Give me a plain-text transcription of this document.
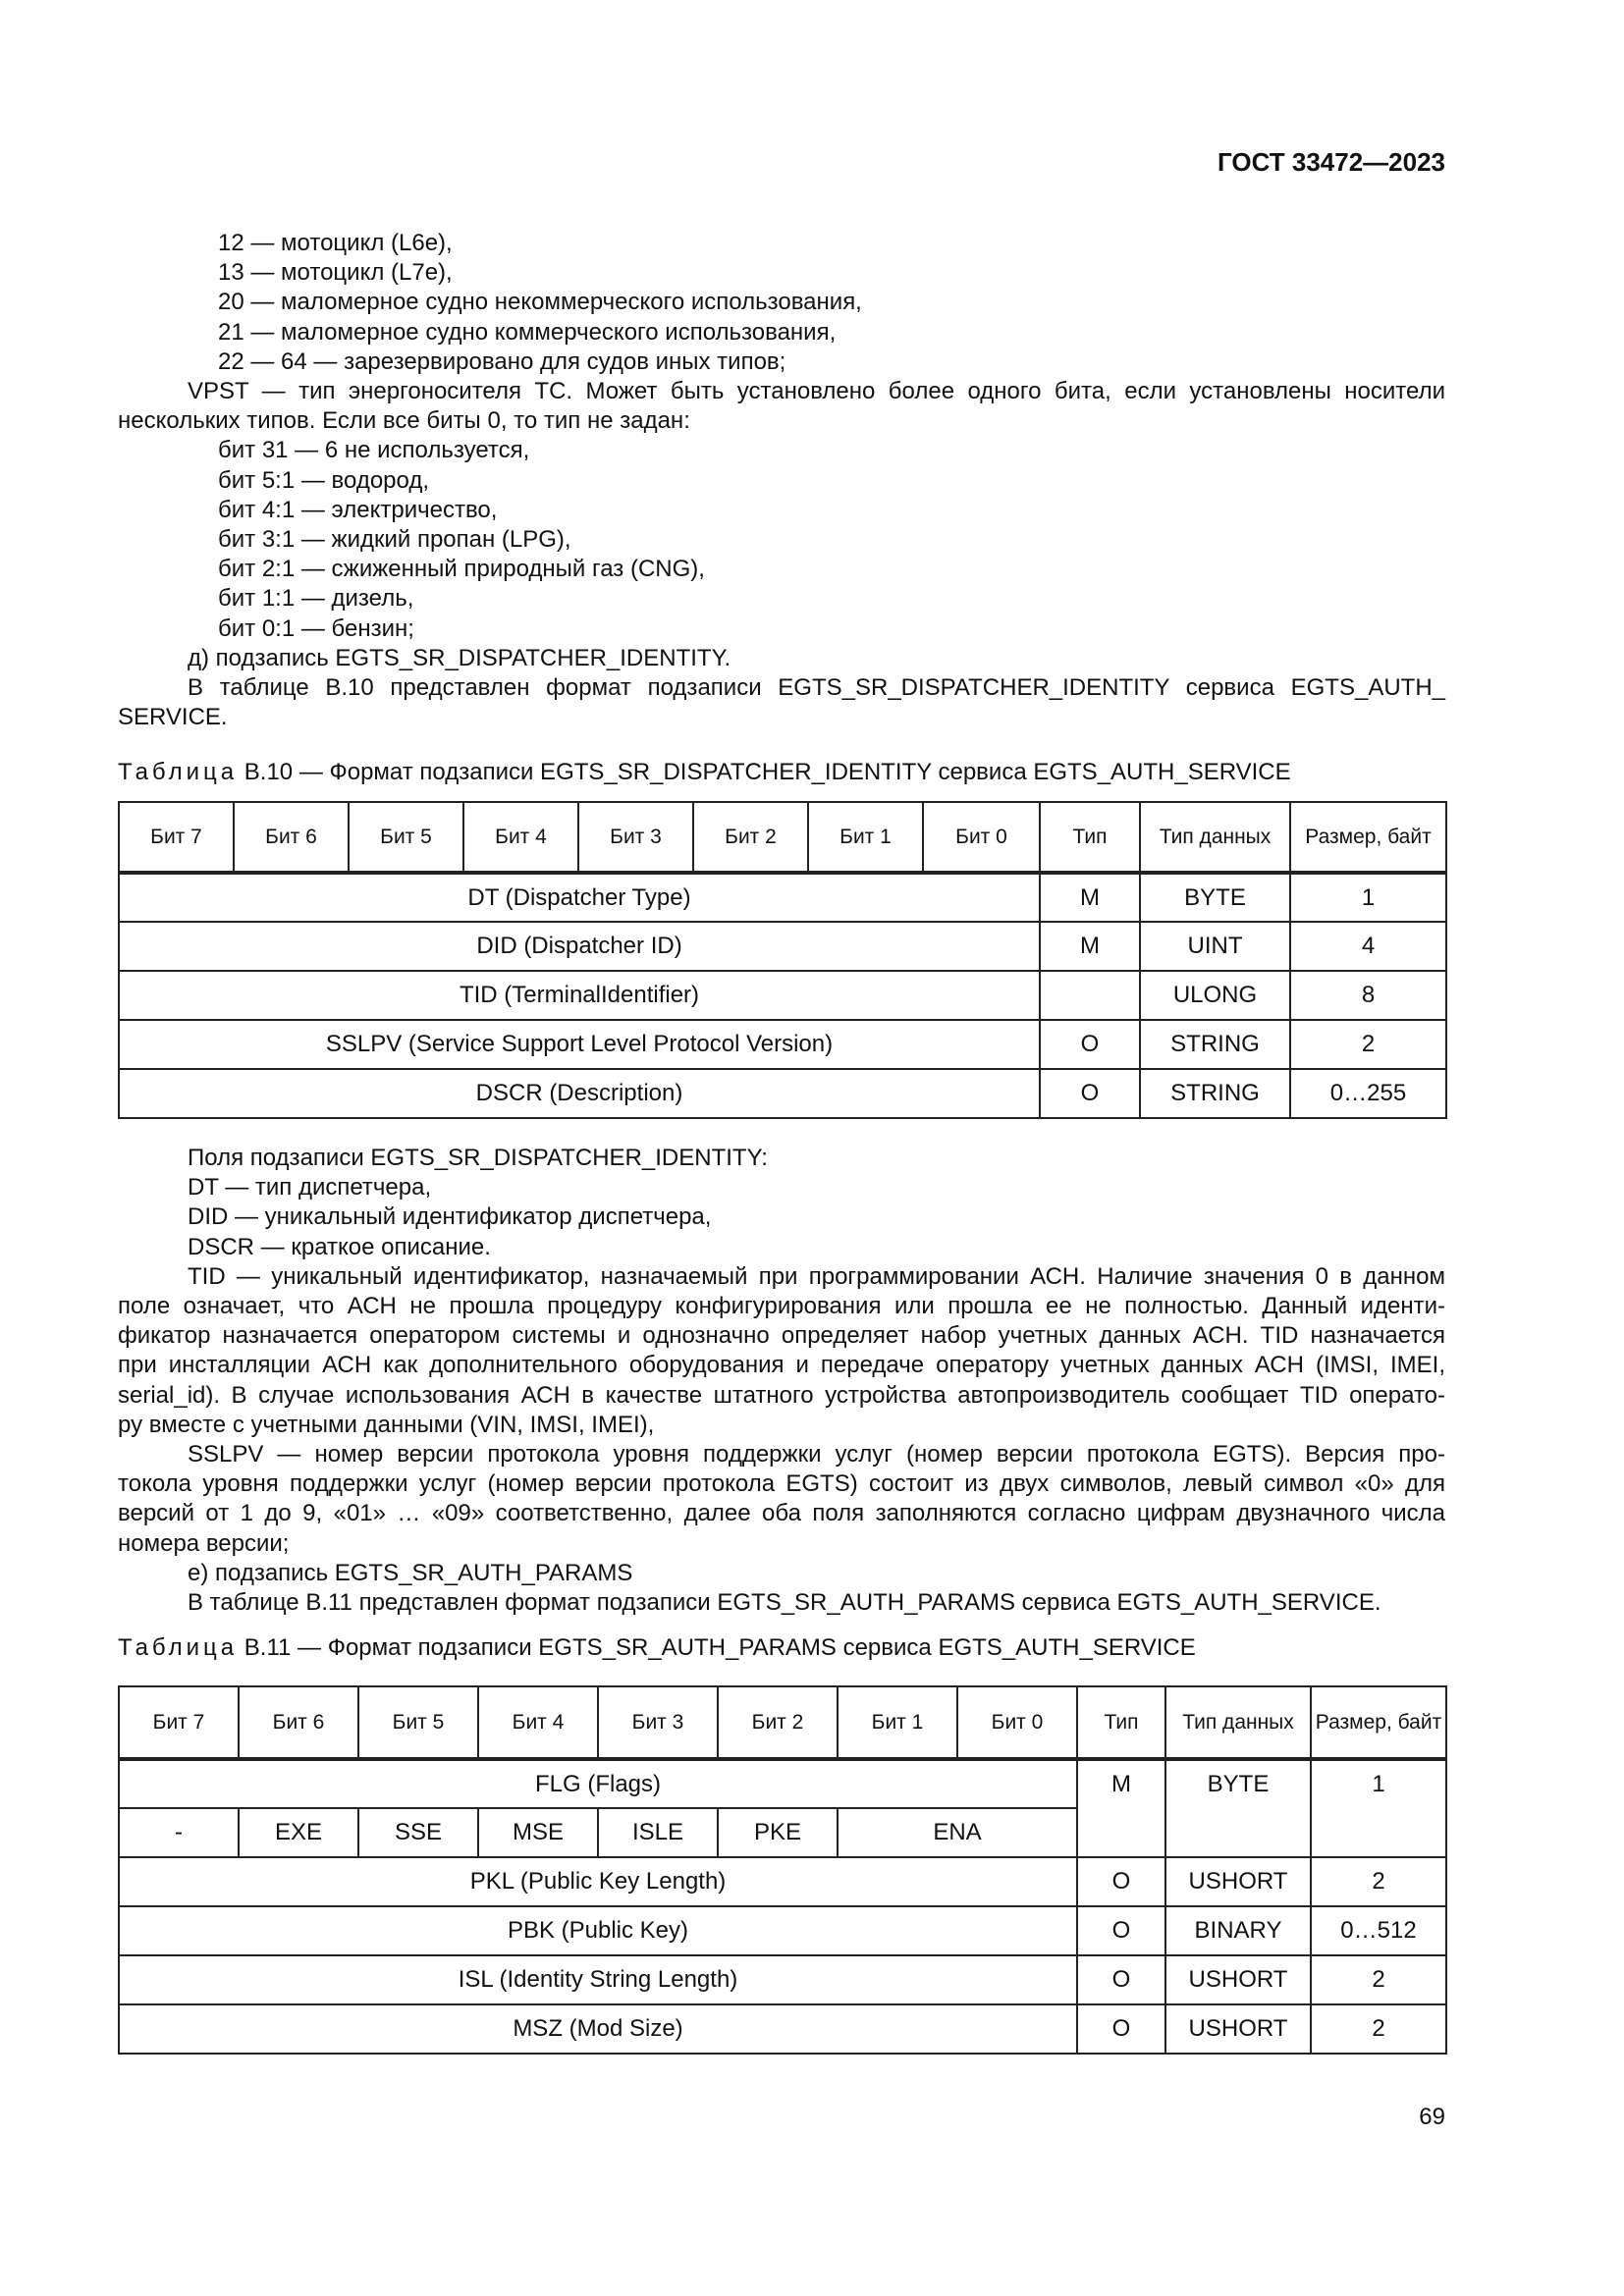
ГОСТ 33472—2023
12 — мотоцикл (L6e),
13 — мотоцикл (L7e),
20 — маломерное судно некоммерческого использования,
21 — маломерное судно коммерческого использования,
22 — 64 — зарезервировано для судов иных типов;
VPST — тип энергоносителя ТС. Может быть установлено более одного бита, если установлены носители
нескольких типов. Если все биты 0, то тип не задан:
бит 31 — 6 не используется,
бит 5:1 — водород,
бит 4:1 — электричество,
бит 3:1 — жидкий пропан (LPG),
бит 2:1 — сжиженный природный газ (CNG),
бит 1:1 — дизель,
бит 0:1 — бензин;
д) подзапись EGTS_SR_DISPATCHER_IDENTITY.
В таблице В.10 представлен формат подзаписи EGTS_SR_DISPATCHER_IDENTITY сервиса EGTS_AUTH_
SERVICE.
Таблица В.10 — Формат подзаписи EGTS_SR_DISPATCHER_IDENTITY сервиса EGTS_AUTH_SERVICE
Бит 7	Бит 6	Бит 5	Бит 4	Бит 3	Бит 2	Бит 1	Бит 0	Тип	Тип данных	Размер, байт
DT (Dispatcher Type)								M	BYTE	1
DID (Dispatcher ID)								M	UINT	4
TID (TerminalIdentifier)									ULONG	8
SSLPV (Service Support Level Protocol Version)								O	STRING	2
DSCR (Description)								O	STRING	0…255
Поля подзаписи EGTS_SR_DISPATCHER_IDENTITY:
DT — тип диспетчера,
DID — уникальный идентификатор диспетчера,
DSCR — краткое описание.
TID — уникальный идентификатор, назначаемый при программировании АСН. Наличие значения 0 в данном
поле означает, что АСН не прошла процедуру конфигурирования или прошла ее не полностью. Данный иденти-
фикатор назначается оператором системы и однозначно определяет набор учетных данных АСН. TID назначается
при инсталляции АСН как дополнительного оборудования и передаче оператору учетных данных АСН (IMSI, IMEI,
serial_id). В случае использования АСН в качестве штатного устройства автопроизводитель сообщает TID операто-
ру вместе с учетными данными (VIN, IMSI, IMEI),
SSLPV — номер версии протокола уровня поддержки услуг (номер версии протокола EGTS). Версия про-
токола уровня поддержки услуг (номер версии протокола EGTS) состоит из двух символов, левый символ «0» для
версий от 1 до 9, «01» … «09» соответственно, далее оба поля заполняются согласно цифрам двузначного числа
номера версии;
е) подзапись EGTS_SR_AUTH_PARAMS
В таблице В.11 представлен формат подзаписи EGTS_SR_AUTH_PARAMS сервиса EGTS_AUTH_SERVICE.
Таблица В.11 — Формат подзаписи EGTS_SR_AUTH_PARAMS сервиса EGTS_AUTH_SERVICE
Бит 7	Бит 6	Бит 5	Бит 4	Бит 3	Бит 2	Бит 1	Бит 0	Тип	Тип данных	Размер, байт
FLG (Flags)								M	BYTE	1
-	EXE	SSE	MSE	ISLE	PKE	ENA				
PKL (Public Key Length)								O	USHORT	2
PBK (Public Key)								O	BINARY	0…512
ISL (Identity String Length)								O	USHORT	2
MSZ (Mod Size)								O	USHORT	2
69
